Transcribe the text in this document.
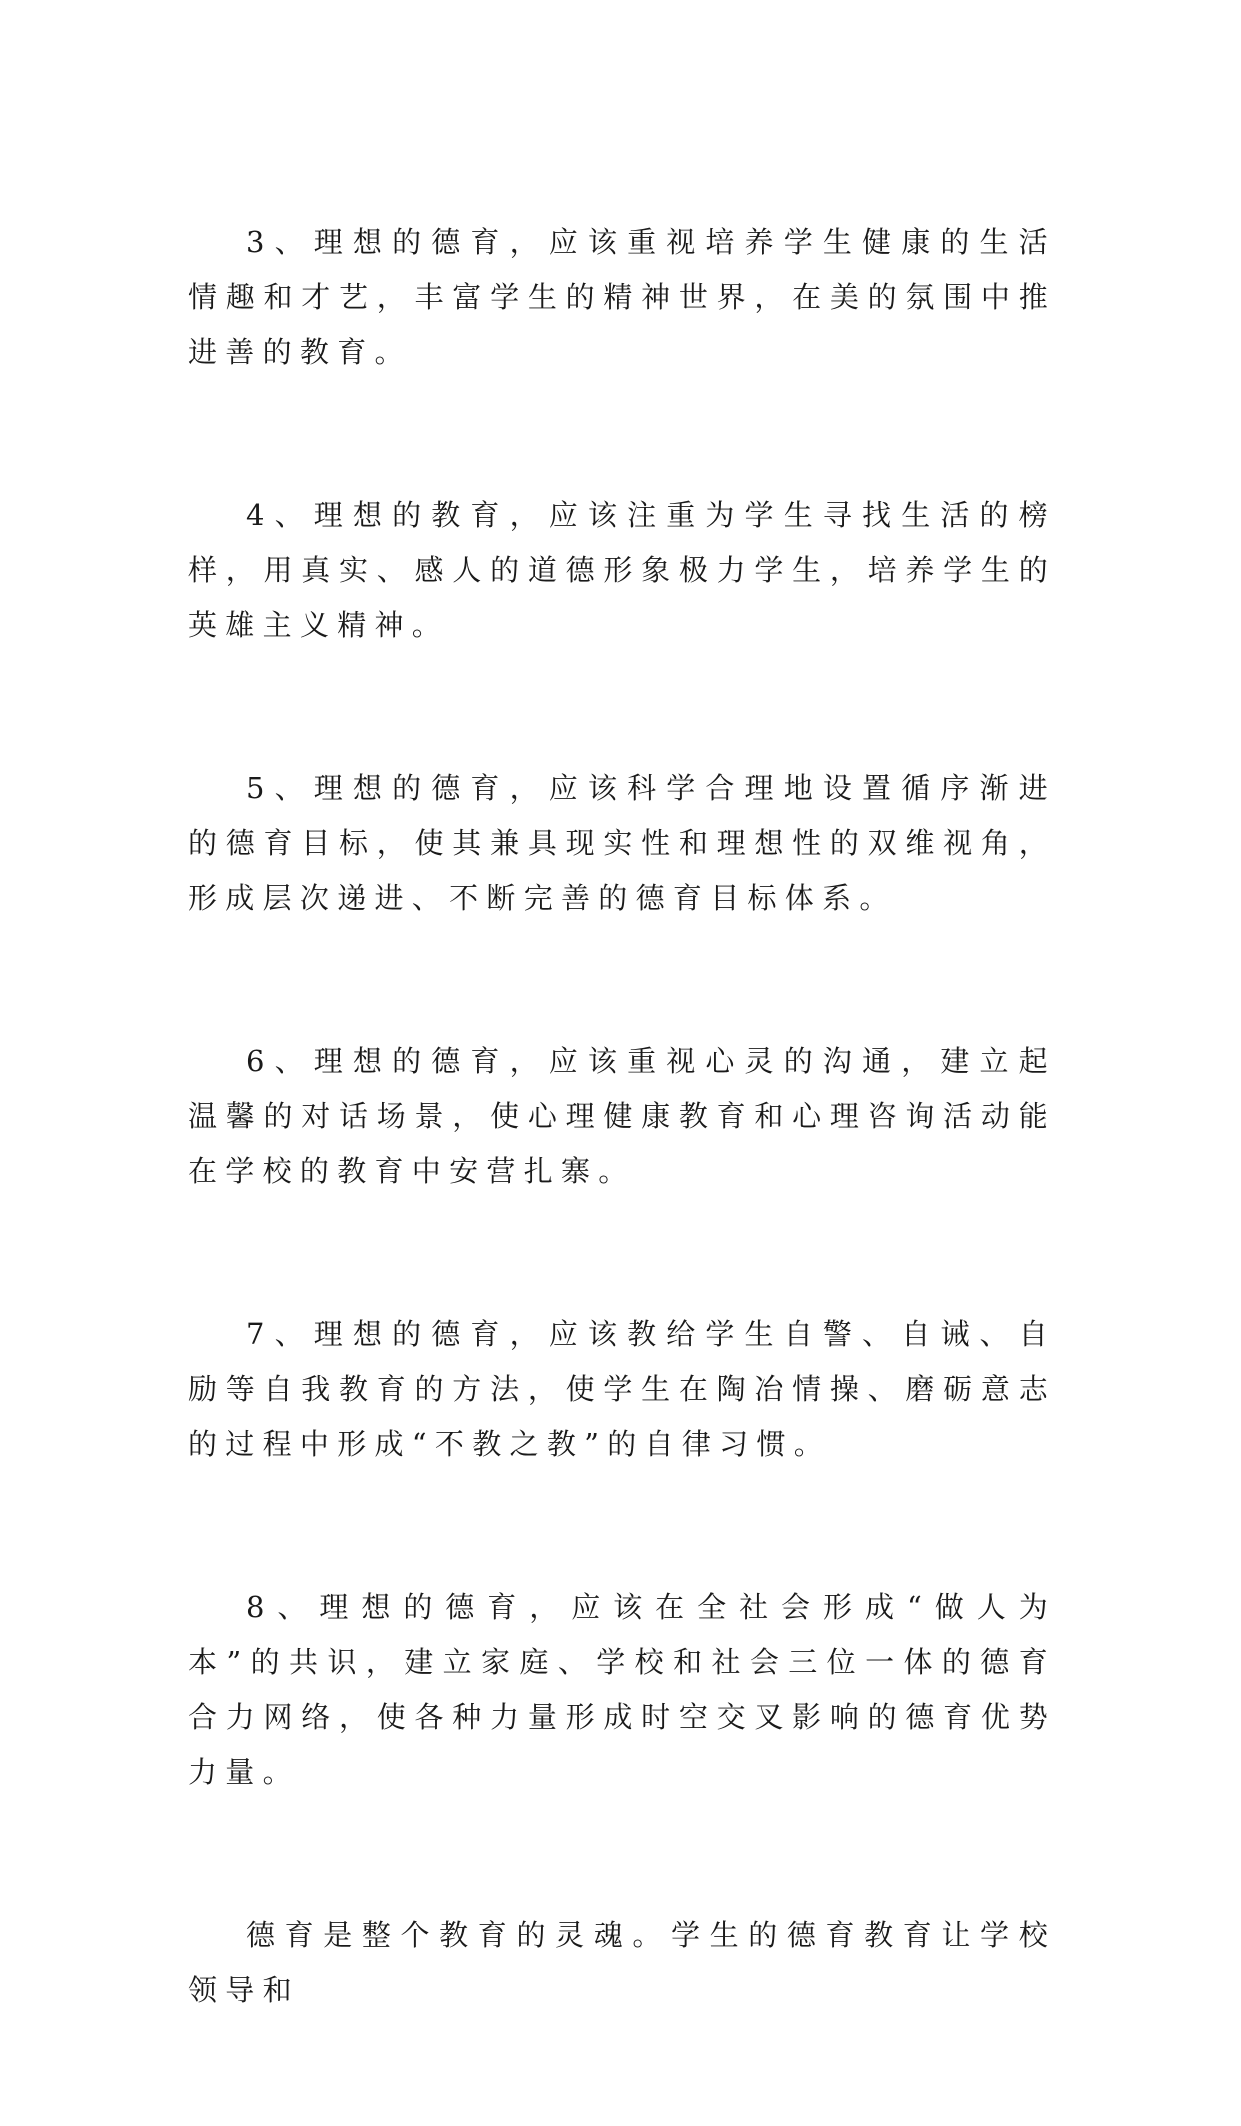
3、理想的德育，应该重视培养学生健康的生活情趣和才艺，丰富学生的精神世界，在美的氛围中推进善的教育。

4、理想的教育，应该注重为学生寻找生活的榜样，用真实、感人的道德形象极力学生，培养学生的英雄主义精神。

5、理想的德育，应该科学合理地设置循序渐进的德育目标，使其兼具现实性和理想性的双维视角，形成层次递进、不断完善的德育目标体系。

6、理想的德育，应该重视心灵的沟通，建立起温馨的对话场景，使心理健康教育和心理咨询活动能在学校的教育中安营扎寨。

7、理想的德育，应该教给学生自警、自诫、自励等自我教育的方法，使学生在陶冶情操、磨砺意志的过程中形成“不教之教”的自律习惯。

8、理想的德育，应该在全社会形成“做人为本”的共识，建立家庭、学校和社会三位一体的德育合力网络，使各种力量形成时空交叉影响的德育优势力量。

德育是整个教育的灵魂。学生的德育教育让学校领导和
